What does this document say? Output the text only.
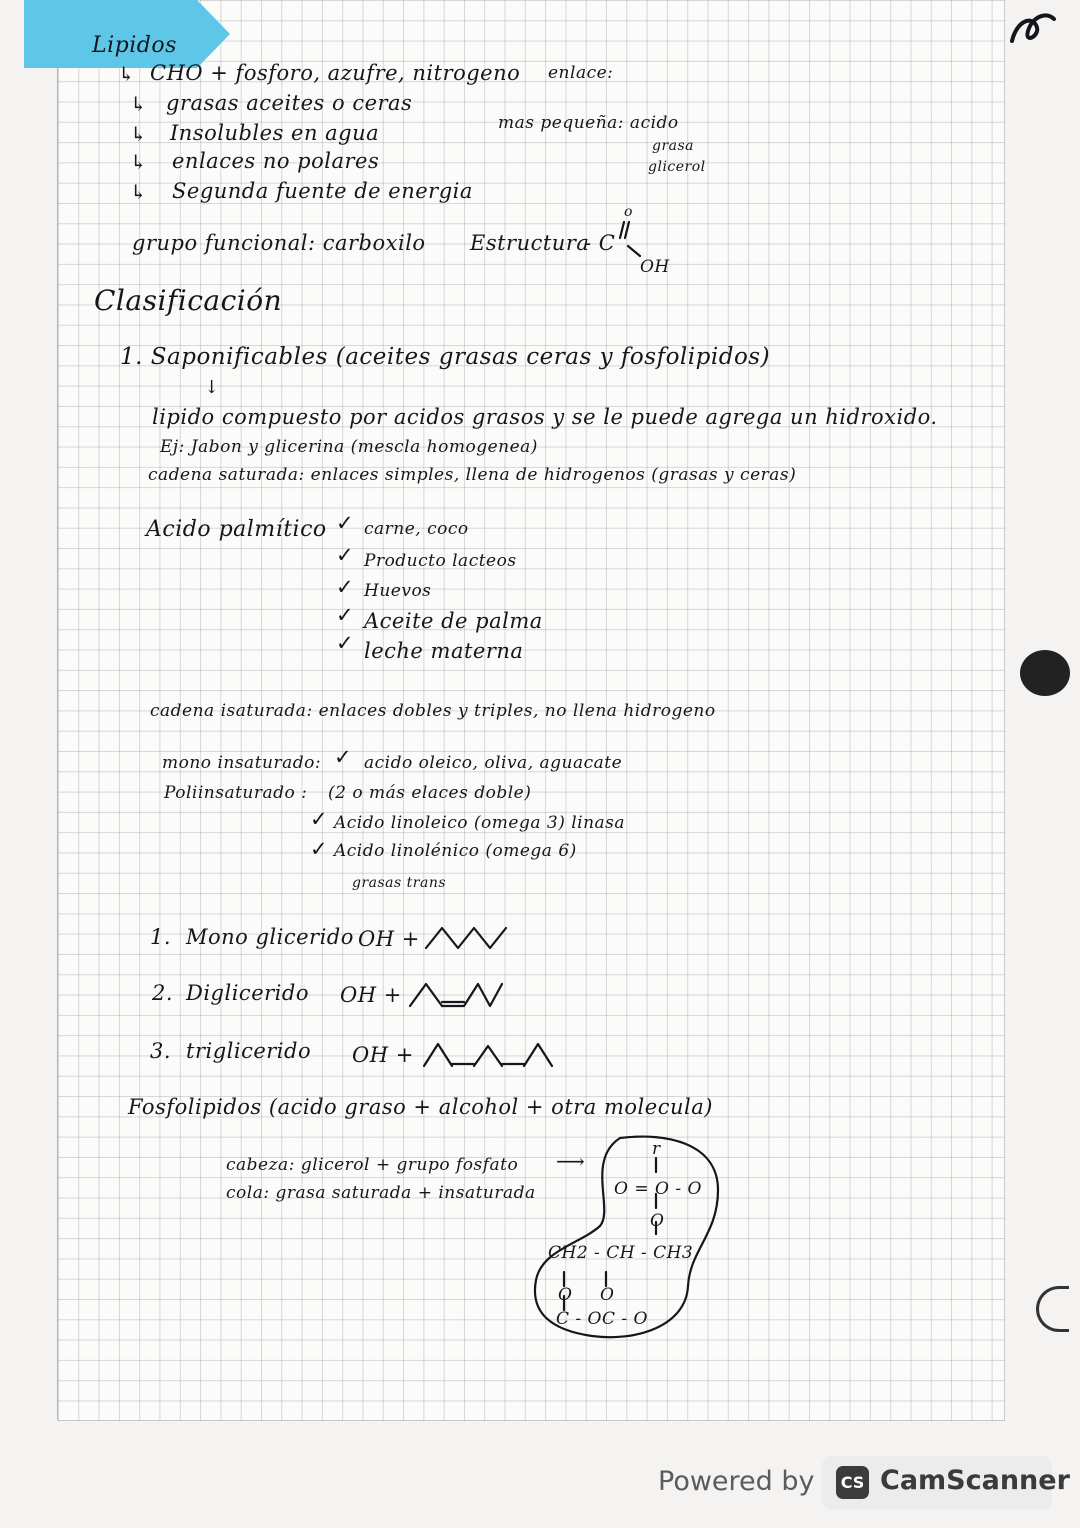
Lipidos
↳ CHO + fosforo, azufre, nitrogeno
↳ grasas aceites o ceras
↳ Insolubles en agua
↳ enlaces no polares
↳ Segunda fuente de energia
enlace:
mas pequeña: acido
grasa
glicerol
grupo funcional: carboxilo Estructura
- C
o
OH
Clasificación
1. Saponificables (aceites grasas ceras y fosfolipidos)
↓
lipido compuesto por acidos grasos y se le puede agrega un hidroxido.
Ej: Jabon y glicerina (mescla homogenea)
cadena saturada: enlaces simples, llena de hidrogenos (grasas y ceras)
Acido palmítico ✓ carne, coco
✓ Producto lacteos
✓ Huevos
✓ Aceite de palma
✓ leche materna
cadena isaturada: enlaces dobles y triples, no llena hidrogeno
mono insaturado: ✓ acido oleico, oliva, aguacate
Poliinsaturado : (2 o más elaces doble)
✓ Acido linoleico (omega 3) linasa
✓ Acido linolénico (omega 6)
grasas trans
1. Mono glicerido OH +
2. Diglicerido OH +
3. triglicerido OH +
Fosfolipidos (acido graso + alcohol + otra molecula)
cabeza: glicerol + grupo fosfato ⟶
cola: grasa saturada + insaturada
r
O = O - O
O
CH2 - CH - CH3
O O
C - OC - O
Powered by CS CamScanner
